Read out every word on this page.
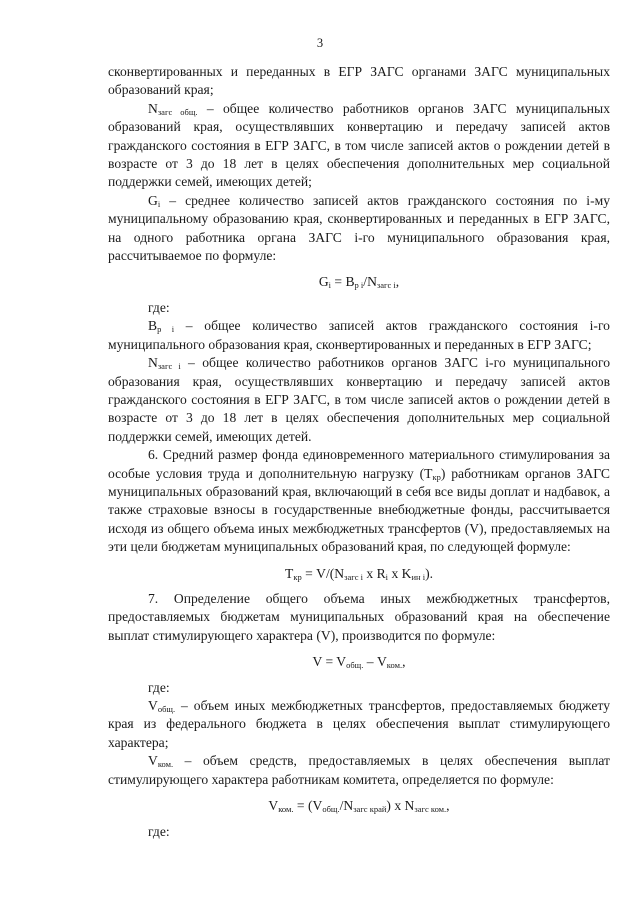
3

сконвертированных и переданных в ЕГР ЗАГС органами ЗАГС муниципальных образований края;

Nзагс общ. – общее количество работников органов ЗАГС муниципальных образований края, осуществлявших конвертацию и передачу записей актов гражданского состояния в ЕГР ЗАГС, в том числе записей актов о рождении детей в возрасте от 3 до 18 лет в целях обеспечения дополнительных мер социальной поддержки семей, имеющих детей;

Gi – среднее количество записей актов гражданского состояния по i-му муниципальному образованию края, сконвертированных и переданных в ЕГР ЗАГС, на одного работника органа ЗАГС i-го муниципального образования края, рассчитываемое по формуле:

Gi = Bр i/Nзагс i,

где:

Bр i – общее количество записей актов гражданского состояния i-го муниципального образования края, сконвертированных и переданных в ЕГР ЗАГС;

Nзагс i – общее количество работников органов ЗАГС i-го муниципального образования края, осуществлявших конвертацию и передачу записей актов гражданского состояния в ЕГР ЗАГС, в том числе записей актов о рождении детей в возрасте от 3 до 18 лет в целях обеспечения дополнительных мер социальной поддержки семей, имеющих детей.

6. Средний размер фонда единовременного материального стимулирования за особые условия труда и дополнительную нагрузку (Ткр) работникам органов ЗАГС муниципальных образований края, включающий в себя все виды доплат и надбавок, а также страховые взносы в государственные внебюджетные фонды, рассчитывается исходя из общего объема иных межбюджетных трансфертов (V), предоставляемых на эти цели бюджетам муниципальных образований края, по следующей формуле:

Ткр = V/(Nзагс i x Ri x Kин i).

7. Определение общего объема иных межбюджетных трансфертов, предоставляемых бюджетам муниципальных образований края на обеспечение выплат стимулирующего характера (V), производится по формуле:

V = Vобщ. – Vком.,

где:

Vобщ. – объем иных межбюджетных трансфертов, предоставляемых бюджету края из федерального бюджета в целях обеспечения выплат стимулирующего характера;

Vком. – объем средств, предоставляемых в целях обеспечения выплат стимулирующего характера работникам комитета, определяется по формуле:

Vком. = (Vобщ./Nзагс край) x Nзагс ком.,

где:
